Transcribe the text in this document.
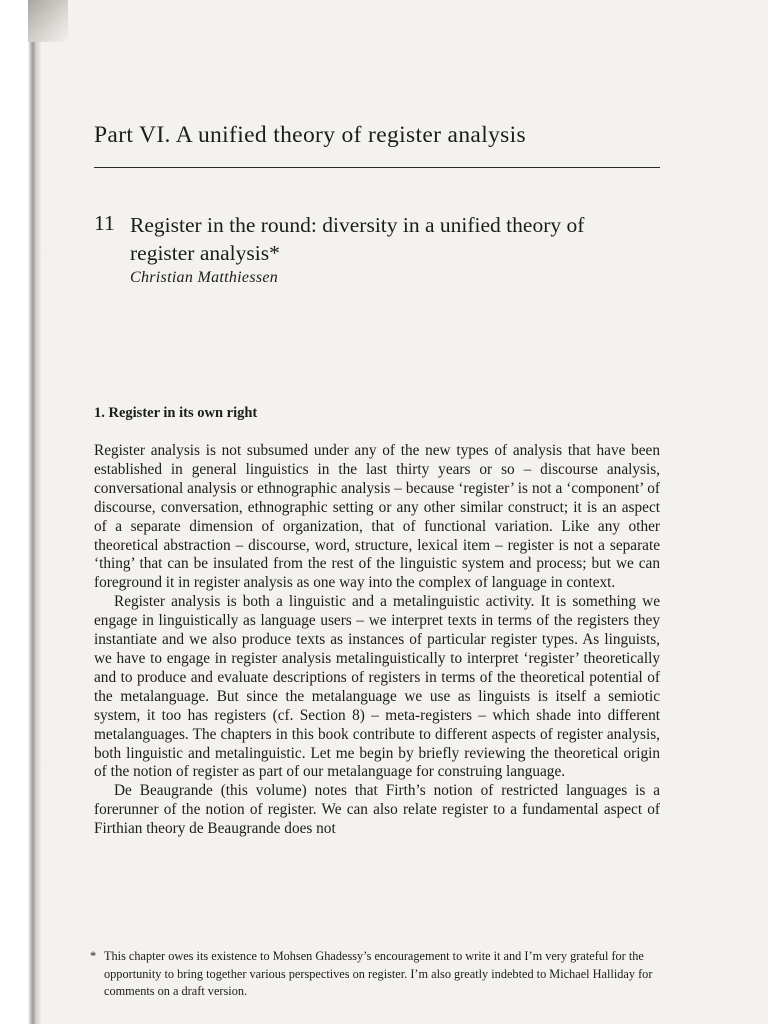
Part VI. A unified theory of register analysis
11 Register in the round: diversity in a unified theory of register analysis*
Christian Matthiessen
1. Register in its own right

Register analysis is not subsumed under any of the new types of analysis that have been established in general linguistics in the last thirty years or so – discourse analysis, conversational analysis or ethnographic analysis – because ‘register’ is not a ‘component’ of discourse, conversation, ethnographic setting or any other similar construct; it is an aspect of a separate dimension of organization, that of functional variation. Like any other theoretical abstraction – discourse, word, structure, lexical item – register is not a separate ‘thing’ that can be insulated from the rest of the linguistic system and process; but we can foreground it in register analysis as one way into the complex of language in context.

Register analysis is both a linguistic and a metalinguistic activity. It is something we engage in linguistically as language users – we interpret texts in terms of the registers they instantiate and we also produce texts as instances of particular register types. As linguists, we have to engage in register analysis metalinguistically to interpret ‘register’ theoretically and to produce and evaluate descriptions of registers in terms of the theoretical potential of the metalanguage. But since the metalanguage we use as linguists is itself a semiotic system, it too has registers (cf. Section 8) – meta-registers – which shade into different metalanguages. The chapters in this book contribute to different aspects of register analysis, both linguistic and metalinguistic. Let me begin by briefly reviewing the theoretical origin of the notion of register as part of our metalanguage for construing language.

De Beaugrande (this volume) notes that Firth’s notion of restricted languages is a forerunner of the notion of register. We can also relate register to a fundamental aspect of Firthian theory de Beaugrande does not

* This chapter owes its existence to Mohsen Ghadessy’s encouragement to write it and I’m very grateful for the opportunity to bring together various perspectives on register. I’m also greatly indebted to Michael Halliday for comments on a draft version.
